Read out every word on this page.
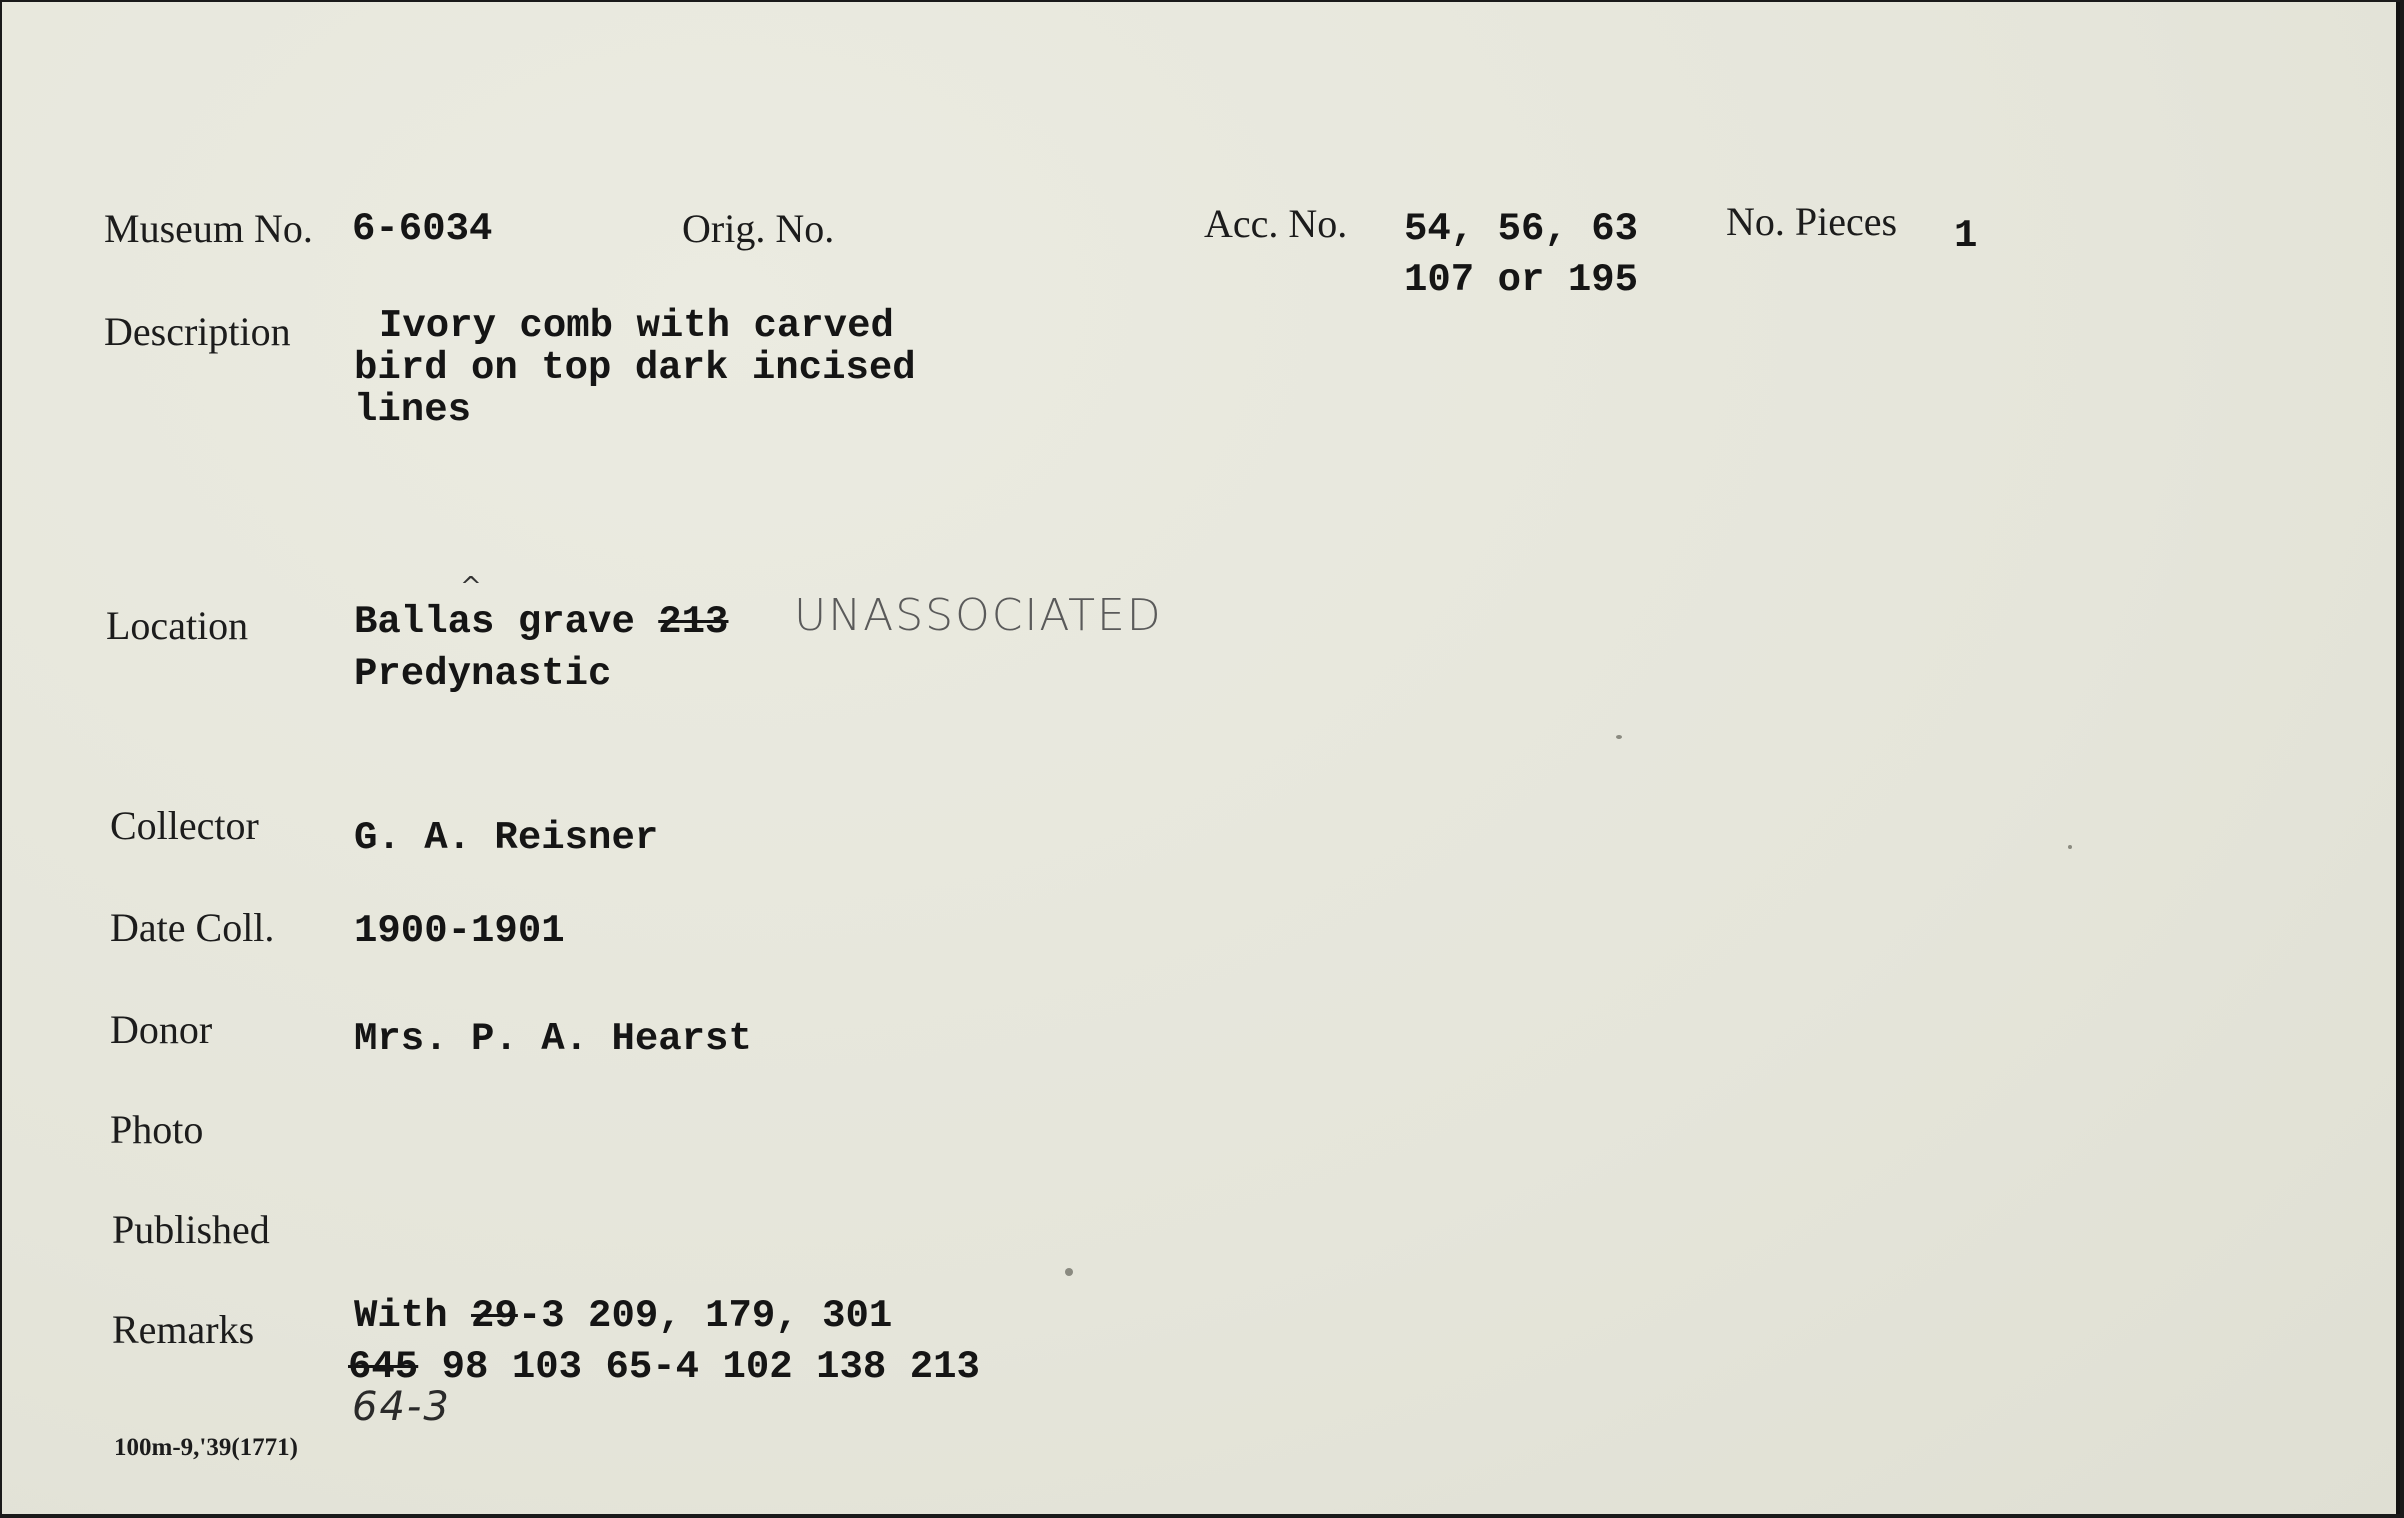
Museum No. 6-6034	Orig. No.	Acc. No. 54, 56, 63
107 or 195
No. Pieces 1
Description Ivory comb with carved
bird on top dark incised
lines
Location
^
Ballas grave 213 UNASSOCIATED
Predynastic
Collector G. A. Reisner
Date Coll. 1900-1901
Donor	Mrs. P. A. Hearst
Photo
Published
Remarks	With 29-3 209, 179, 301
645 98 103 65-4 102 138 213
64-3
100m-9,'39(1771)
